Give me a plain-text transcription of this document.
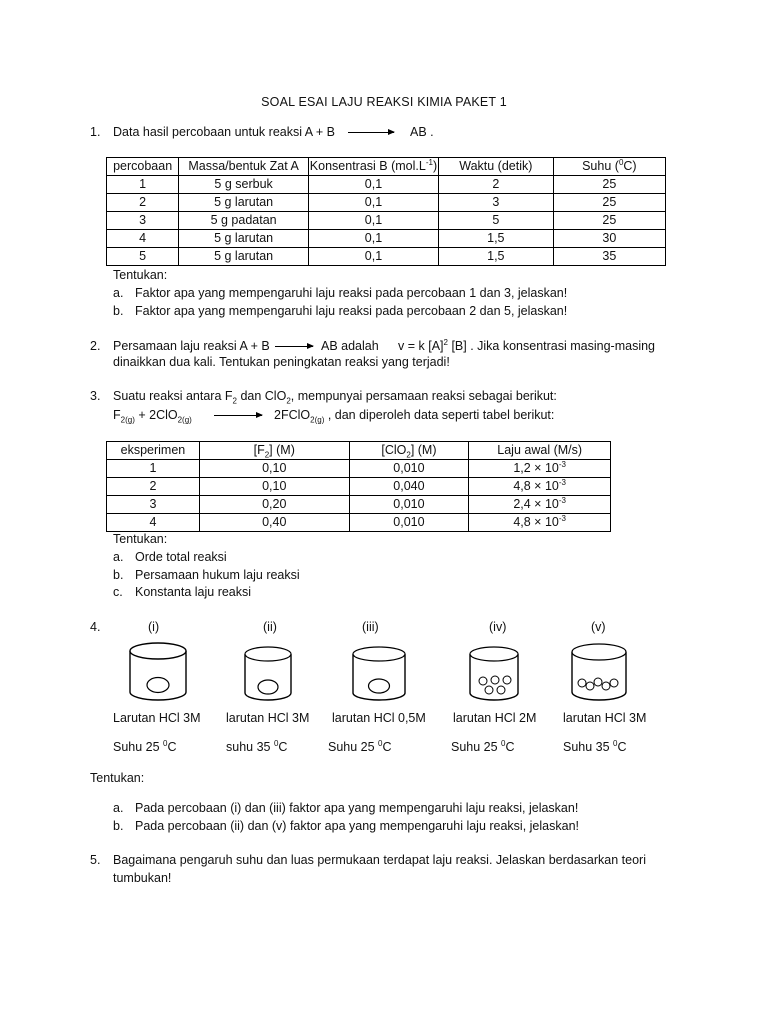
SOAL ESAI LAJU REAKSI KIMIA PAKET 1
1. Data hasil percobaan untuk reaksi A + B → AB .
percobaan	Massa/bentuk Zat A	Konsentrasi B $(mol.L^{-1})$	Waktu (detik)	Suhu ($^0$C)
1	5 g serbuk	0,1	2	25
2	5 g larutan	0,1	3	25
3	5 g padatan	0,1	5	25
4	5 g larutan	0,1	1,5	30
5	5 g larutan	0,1	1,5	35
Tentukan:
a. Faktor apa yang mempengaruhi laju reaksi pada percobaan 1 dan 3, jelaskan!
b. Faktor apa yang mempengaruhi laju reaksi pada percobaan 2 dan 5, jelaskan!
2. Persamaan laju reaksi A + B → AB adalah v = k $[A]^2$ [B] . Jika konsentrasi masing-masing
dinaikkan dua kali. Tentukan peningkatan reaksi yang terjadi!
3. Suatu reaksi antara $F_2$ dan ClO$_2$, mempunyai persamaan reaksi sebagai berikut:
$F_{2(g)} + 2ClO_{2(g)}$ → 2FClO$_{2(g)}$ , dan diperoleh data seperti tabel berikut:
eksperimen	$[F_2]$ (M)	[ClO$_2$] (M)	Laju awal (M/s)
1	0,10	0,010	$1,2 \times 10^{-3}$
2	0,10	0,040	$4,8 \times 10^{-3}$
3	0,20	0,010	$2,4 \times 10^{-3}$
4	0,40	0,010	$4,8 \times 10^{-3}$
Tentukan:
a. Orde total reaksi
b. Persamaan hukum laju reaksi
c. Konstanta laju reaksi
4.	(i)	(ii)	(iii)	(iv)	(v)
Larutan HCl 3M larutan HCl 3M larutan HCl 0,5M larutan HCl 2M larutan HCl 3M
Suhu 25 $^0$C	suhu 35 $^0$C	Suhu 25 $^0$C	Suhu 25 $^0$C	Suhu 35 $^0$C
Tentukan:
a. Pada percobaan (i) dan (iii) faktor apa yang mempengaruhi laju reaksi, jelaskan!
b. Pada percobaan (ii) dan (v) faktor apa yang mempengaruhi laju reaksi, jelaskan!
5. Bagaimana pengaruh suhu dan luas permukaan terdapat laju reaksi. Jelaskan berdasarkan teori
tumbukan!
